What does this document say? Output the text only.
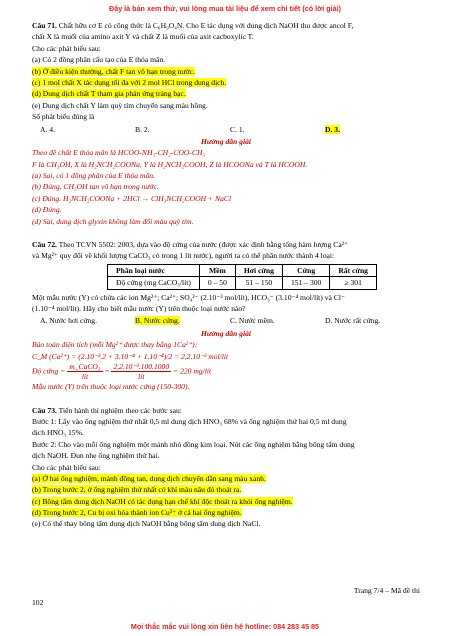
Đây là bản xem thử, vui lòng mua tài liệu để xem chi tiết (có lời giải)

Câu 71. Chất hữu cơ E có công thức là C₆H₉O₄N. Cho E tác dụng với dung dịch NaOH thu được ancol F,

chất X là muối của amino axit Y và chất Z là muối của axit cacboxylic T.

Cho các phát biểu sau:

(a) Có 2 đồng phân cấu tạo của E thỏa mãn.

(b) Ở điều kiện thường, chất F tan vô hạn trong nước.

(c) 1 mol chất X tác dụng tối đa với 2 mol HCl trong dung dịch.

(d) Dung dịch chất T tham gia phản ứng tráng bạc.

(e) Dung dịch chất Y làm quỳ tím chuyển sang màu hồng.

Số phát biểu đúng là

A. 4.	B. 2.	C. 1.	D. 3.

Hướng dẫn giải

Theo đề chất E thỏa mãn là HCOO-NH₃-CH₂-COO-CH₃

F là CH₃OH, X là H₂NCH₂COONa, Y là H₂NCH₂COOH, Z là HCOONa và T là HCOOH.

(a) Sai, có 1 đồng phân của E thỏa mãn.

(b) Đúng, CH₃OH tan vô hạn trong nước.

(c) Đúng. H₂NCH₂COONa + 2HCl → ClH₃NCH₂COOH + NaCl

(d) Đúng.

(đ) Sai, dung dịch glyxin không làm đổi màu quỳ tím.

Câu 72. Theo TCVN 5502: 2003, dựa vào độ cứng của nước (được xác định bằng tổng hàm lượng Ca²⁺

và Mg²⁺ quy đổi về khối lượng CaCO₃ có trong 1 lít nước), người ta có thể phân nước thành 4 loại:

Phân loại nước	Mềm	Hơi cứng	Cứng	Rất cứng
Độ cứng (mg CaCO₃/lít)	0 – 50	51 – 150	151 – 300	≥ 301

Một mẫu nước (Y) có chứa các ion Mg²⁺; Ca²⁺; SO₄²⁻ (2.10⁻³ mol/lít), HCO₃⁻ (3.10⁻⁴ mol/lít) và Cl⁻

(1.10⁻⁴ mol/lít). Hãy cho biết mẫu nước (Y) trên thuộc loại nước nào?

A. Nước hơi cứng.	B. Nước cứng.	C. Nước mềm.	D. Nước rất cứng.

Hướng dẫn giải

Bảo toàn điện tích (mỗi Mg²⁺ được thay bằng 1Ca²⁺):

C_M (Ca²⁺) = (2.10⁻³.2 + 3.10⁻⁴ + 1.10⁻⁴)/2 = 2,2.10⁻³ mol/lít

Độ cứng = $\frac{\text{m\_CaCO₃}}{\text{lít}} = \frac{\text{2,2.10⁻³.100.1000}}{\text{lít}} = 220$ mg/lít

Mẫu nước (Y) trên thuộc loại nước cứng (150-300).

Câu 73. Tiến hành thí nghiệm theo các bước sau:

Bước 1: Lấy vào ống nghiệm thứ nhất 0,5 ml dung dịch HNO₃ 68% và ống nghiệm thứ hai 0,5 ml dung

dịch HNO₃ 15%.

Bước 2: Cho vào mỗi ống nghiệm một mảnh nhỏ đồng kim loại. Nút các ống nghiệm bằng bông tẩm dung

dịch NaOH. Đun nhẹ ống nghiệm thứ hai.

Cho các phát biểu sau:

(a) Ở hai ống nghiệm, mảnh đồng tan, dung dịch chuyển dần sang màu xanh.

(b) Trong bước 2, ở ống nghiệm thứ nhất có khí màu nâu đỏ thoát ra.

(c) Bông tẩm dung dịch NaOH có tác dụng hạn chế khí độc thoát ra khỏi ống nghiệm.

(d) Trong bước 2, Cu bị oxi hóa thành ion Cu²⁺ ở cả hai ống nghiệm.

(e) Có thể thay bông tẩm dung dịch NaOH bằng bông tẩm dung dịch NaCl.

Trang 7/4 – Mã đề thi
102
Mọi thắc mắc vui lòng xin liên hệ hotline: 084 283 45 85
